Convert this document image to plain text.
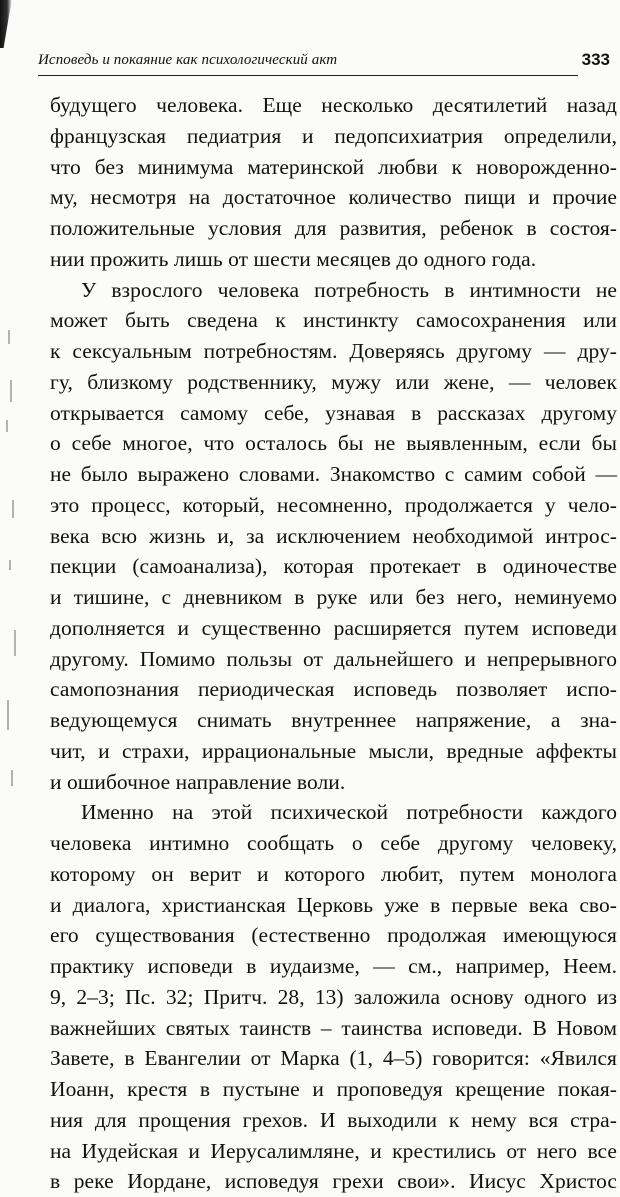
Исповедь и покаяние как психологический акт	333
будущего человека. Еще несколько десятилетий назад
французская педиатрия и педопсихиатрия определили,
что без минимума материнской любви к новорожденно-
му, несмотря на достаточное количество пищи и прочие
положительные условия для развития, ребенок в состоя-
нии прожить лишь от шести месяцев до одного года.
У взрослого человека потребность в интимности не
может быть сведена к инстинкту самосохранения или
к сексуальным потребностям. Доверяясь другому — дру-
гу, близкому родственнику, мужу или жене, — человек
открывается самому себе, узнавая в рассказах другому
о себе многое, что осталось бы не выявленным, если бы
не было выражено словами. Знакомство с самим собой —
это процесс, который, несомненно, продолжается у чело-
века всю жизнь и, за исключением необходимой интрос-
пекции (самоанализа), которая протекает в одиночестве
и тишине, с дневником в руке или без него, неминуемо
дополняется и существенно расширяется путем исповеди
другому. Помимо пользы от дальнейшего и непрерывного
самопознания периодическая исповедь позволяет испо-
ведующемуся снимать внутреннее напряжение, а зна-
чит, и страхи, иррациональные мысли, вредные аффекты
и ошибочное направление воли.
Именно на этой психической потребности каждого
человека интимно сообщать о себе другому человеку,
которому он верит и которого любит, путем монолога
и диалога, христианская Церковь уже в первые века сво-
его существования (естественно продолжая имеющуюся
практику исповеди в иудаизме, — см., например, Неем.
9, 2–3; Пс. 32; Притч. 28, 13) заложила основу одного из
важнейших святых таинств – таинства исповеди. В Новом
Завете, в Евангелии от Марка (1, 4–5) говорится: «Явился
Иоанн, крестя в пустыне и проповедуя крещение покая-
ния для прощения грехов. И выходили к нему вся стра-
на Иудейская и Иерусалимляне, и крестились от него все
в реке Иордане, исповедуя грехи свои». Иисус Христос
